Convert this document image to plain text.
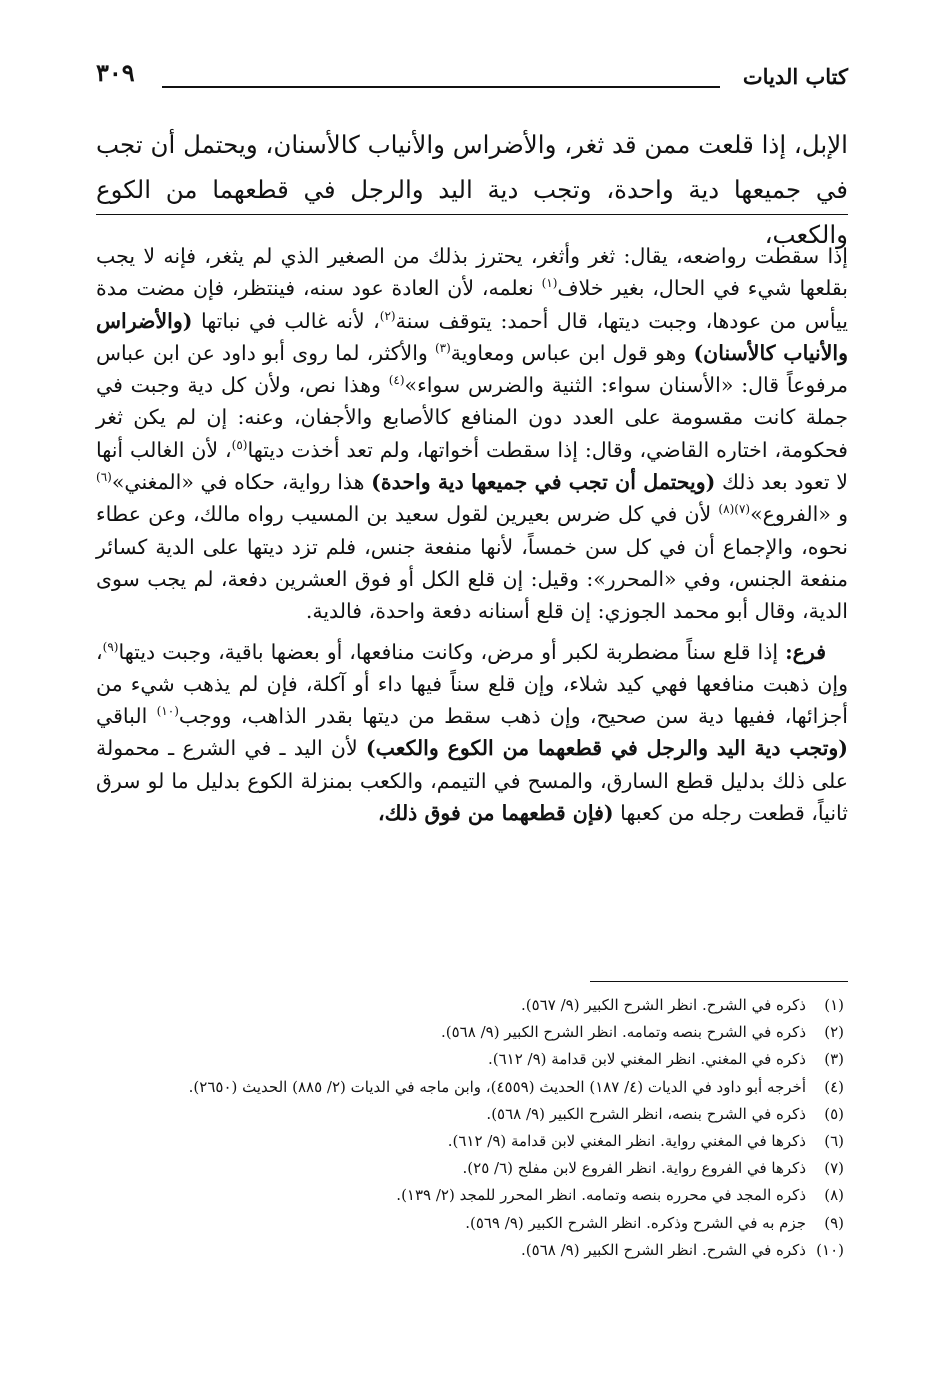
كتاب الديات
٣٠٩
الإبل، إذا قلعت ممن قد ثغر، والأضراس والأنياب كالأسنان، ويحتمل أن تجب في جميعها دية واحدة، وتجب دية اليد والرجل في قطعهما من الكوع والكعب،

إذا سقطت رواضعه، يقال: ثغر وأثغر، يحترز بذلك من الصغير الذي لم يثغر، فإنه لا يجب بقلعها شيء في الحال، بغير خلاف$^{(١)}$ نعلمه، لأن العادة عود سنه، فينتظر، فإن مضت مدة ييأس من عودها، وجبت ديتها، قال أحمد: يتوقف سنة$^{(٢)}$، لأنه غالب في نباتها (والأضراس والأنياب كالأسنان) وهو قول ابن عباس ومعاوية$^{(٣)}$ والأكثر، لما روى أبو داود عن ابن عباس مرفوعاً قال: «الأسنان سواء: الثنية والضرس سواء»$^{(٤)}$ وهذا نص، ولأن كل دية وجبت في جملة كانت مقسومة على العدد دون المنافع كالأصابع والأجفان، وعنه: إن لم يكن ثغر فحكومة، اختاره القاضي، وقال: إذا سقطت أخواتها، ولم تعد أخذت ديتها$^{(٥)}$، لأن الغالب أنها لا تعود بعد ذلك (ويحتمل أن تجب في جميعها دية واحدة) هذا رواية، حكاه في «المغني»$^{(٦)}$ و «الفروع»$^{(٧)(٨)}$ لأن في كل ضرس بعيرين لقول سعيد بن المسيب رواه مالك، وعن عطاء نحوه، والإجماع أن في كل سن خمساً، لأنها منفعة جنس، فلم تزد ديتها على الدية كسائر منفعة الجنس، وفي «المحرر»: وقيل: إن قلع الكل أو فوق العشرين دفعة، لم يجب سوى الدية، وقال أبو محمد الجوزي: إن قلع أسنانه دفعة واحدة، فالدية.

فرع: إذا قلع سناً مضطربة لكبر أو مرض، وكانت منافعها، أو بعضها باقية، وجبت ديتها$^{(٩)}$، وإن ذهبت منافعها فهي كيد شلاء، وإن قلع سناً فيها داء أو آكلة، فإن لم يذهب شيء من أجزائها، ففيها دية سن صحيح، وإن ذهب سقط من ديتها بقدر الذاهب، ووجب$^{(١٠)}$ الباقي (وتجب دية اليد والرجل في قطعهما من الكوع والكعب) لأن اليد ـ في الشرع ـ محمولة على ذلك بدليل قطع السارق، والمسح في التيمم، والكعب بمنزلة الكوع بدليل ما لو سرق ثانياً، قطعت رجله من كعبها (فإن قطعهما من فوق ذلك،

(١)
ذكره في الشرح. انظر الشرح الكبير (٩/ ٥٦٧).
(٢)
ذكره في الشرح بنصه وتمامه. انظر الشرح الكبير (٩/ ٥٦٨).
(٣)
ذكره في المغني. انظر المغني لابن قدامة (٩/ ٦١٢).
(٤)
أخرجه أبو داود في الديات (٤/ ١٨٧) الحديث (٤٥٥٩)، وابن ماجه في الديات (٢/ ٨٨٥) الحديث (٢٦٥٠).
(٥)
ذكره في الشرح بنصه، انظر الشرح الكبير (٩/ ٥٦٨).
(٦)
ذكرها في المغني رواية. انظر المغني لابن قدامة (٩/ ٦١٢).
(٧)
ذكرها في الفروع رواية. انظر الفروع لابن مفلح (٦/ ٢٥).
(٨)
ذكره المجد في محرره بنصه وتمامه. انظر المحرر للمجد (٢/ ١٣٩).
(٩)
جزم به في الشرح وذكره. انظر الشرح الكبير (٩/ ٥٦٩).
(١٠)
ذكره في الشرح. انظر الشرح الكبير (٩/ ٥٦٨).
